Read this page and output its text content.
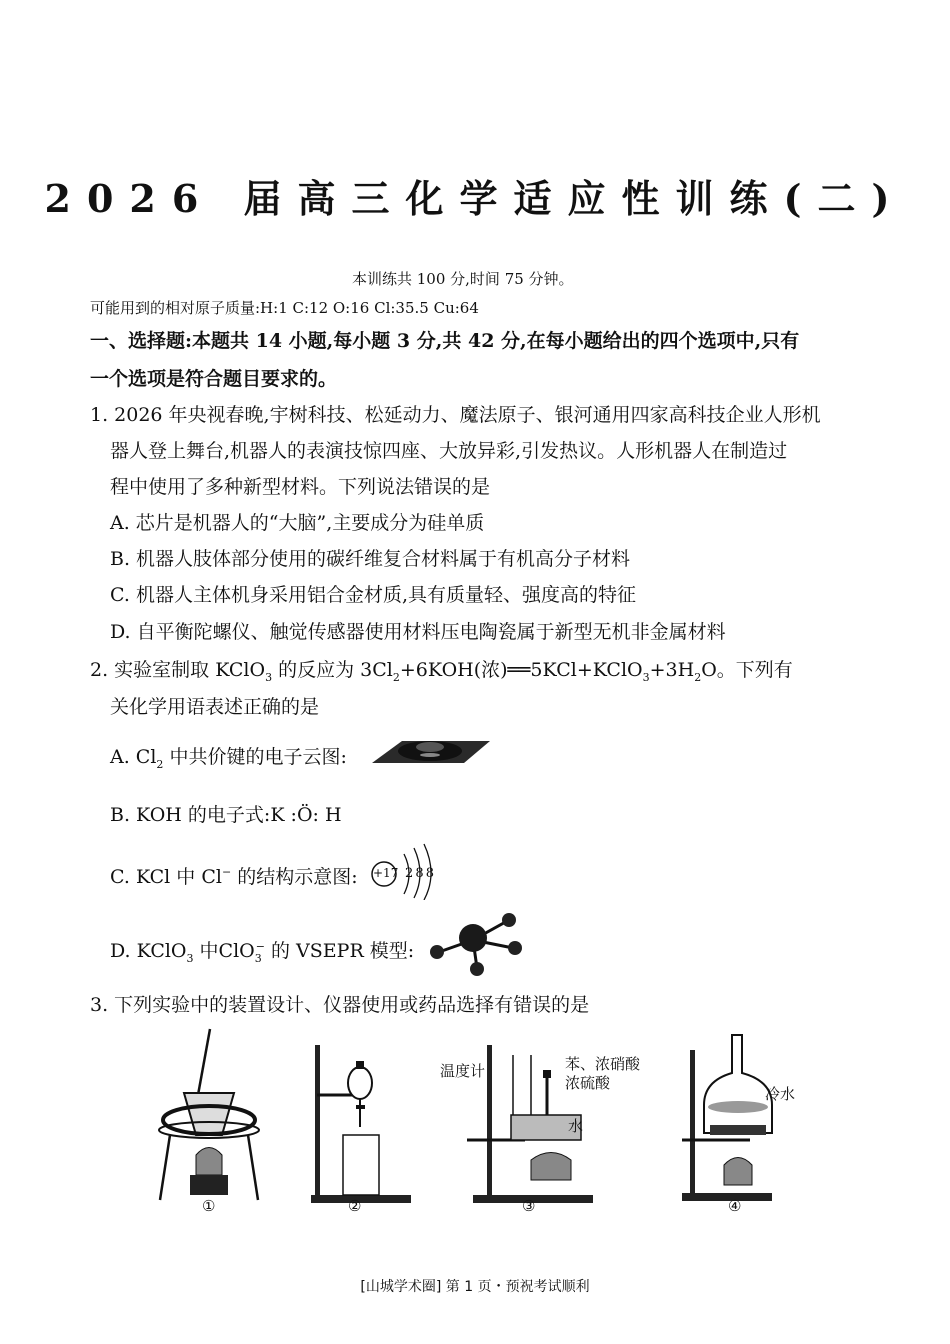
2026 届高三化学适应性训练(二)
本训练共 100 分,时间 75 分钟。
可能用到的相对原子质量:H:1 C:12 O:16 Cl:35.5 Cu:64
一、选择题:本题共 14 小题,每小题 3 分,共 42 分,在每小题给出的四个选项中,只有
一个选项是符合题目要求的。
1. 2026 年央视春晚,宇树科技、松延动力、魔法原子、银河通用四家高科技企业人形机
器人登上舞台,机器人的表演技惊四座、大放异彩,引发热议。人形机器人在制造过
程中使用了多种新型材料。下列说法错误的是
A. 芯片是机器人的“大脑”,主要成分为硅单质
B. 机器人肢体部分使用的碳纤维复合材料属于有机高分子材料
C. 机器人主体机身采用铝合金材质,具有质量轻、强度高的特征
D. 自平衡陀螺仪、触觉传感器使用材料压电陶瓷属于新型无机非金属材料
2. 实验室制取 KClO$_3$ 的反应为 $3Cl_2+6KOH$(浓)$══5KCl+KClO_3+3H_2O$。下列有
关化学用语表述正确的是
A. $Cl_2$ 中共价键的电子云图:
B. KOH 的电子式:K :Ö: H
C. KCl 中 Cl− 的结构示意图: +17 2 8 8
D. KClO$_3$ 中ClO$_3$− 的 VSEPR 模型:
3. 下列实验中的装置设计、仪器使用或药品选择有错误的是
温度计	苯、浓硝酸
浓硫酸
水
冷水
①	②	③	④
[山城学术圈] 第 1 页・预祝考试顺利
